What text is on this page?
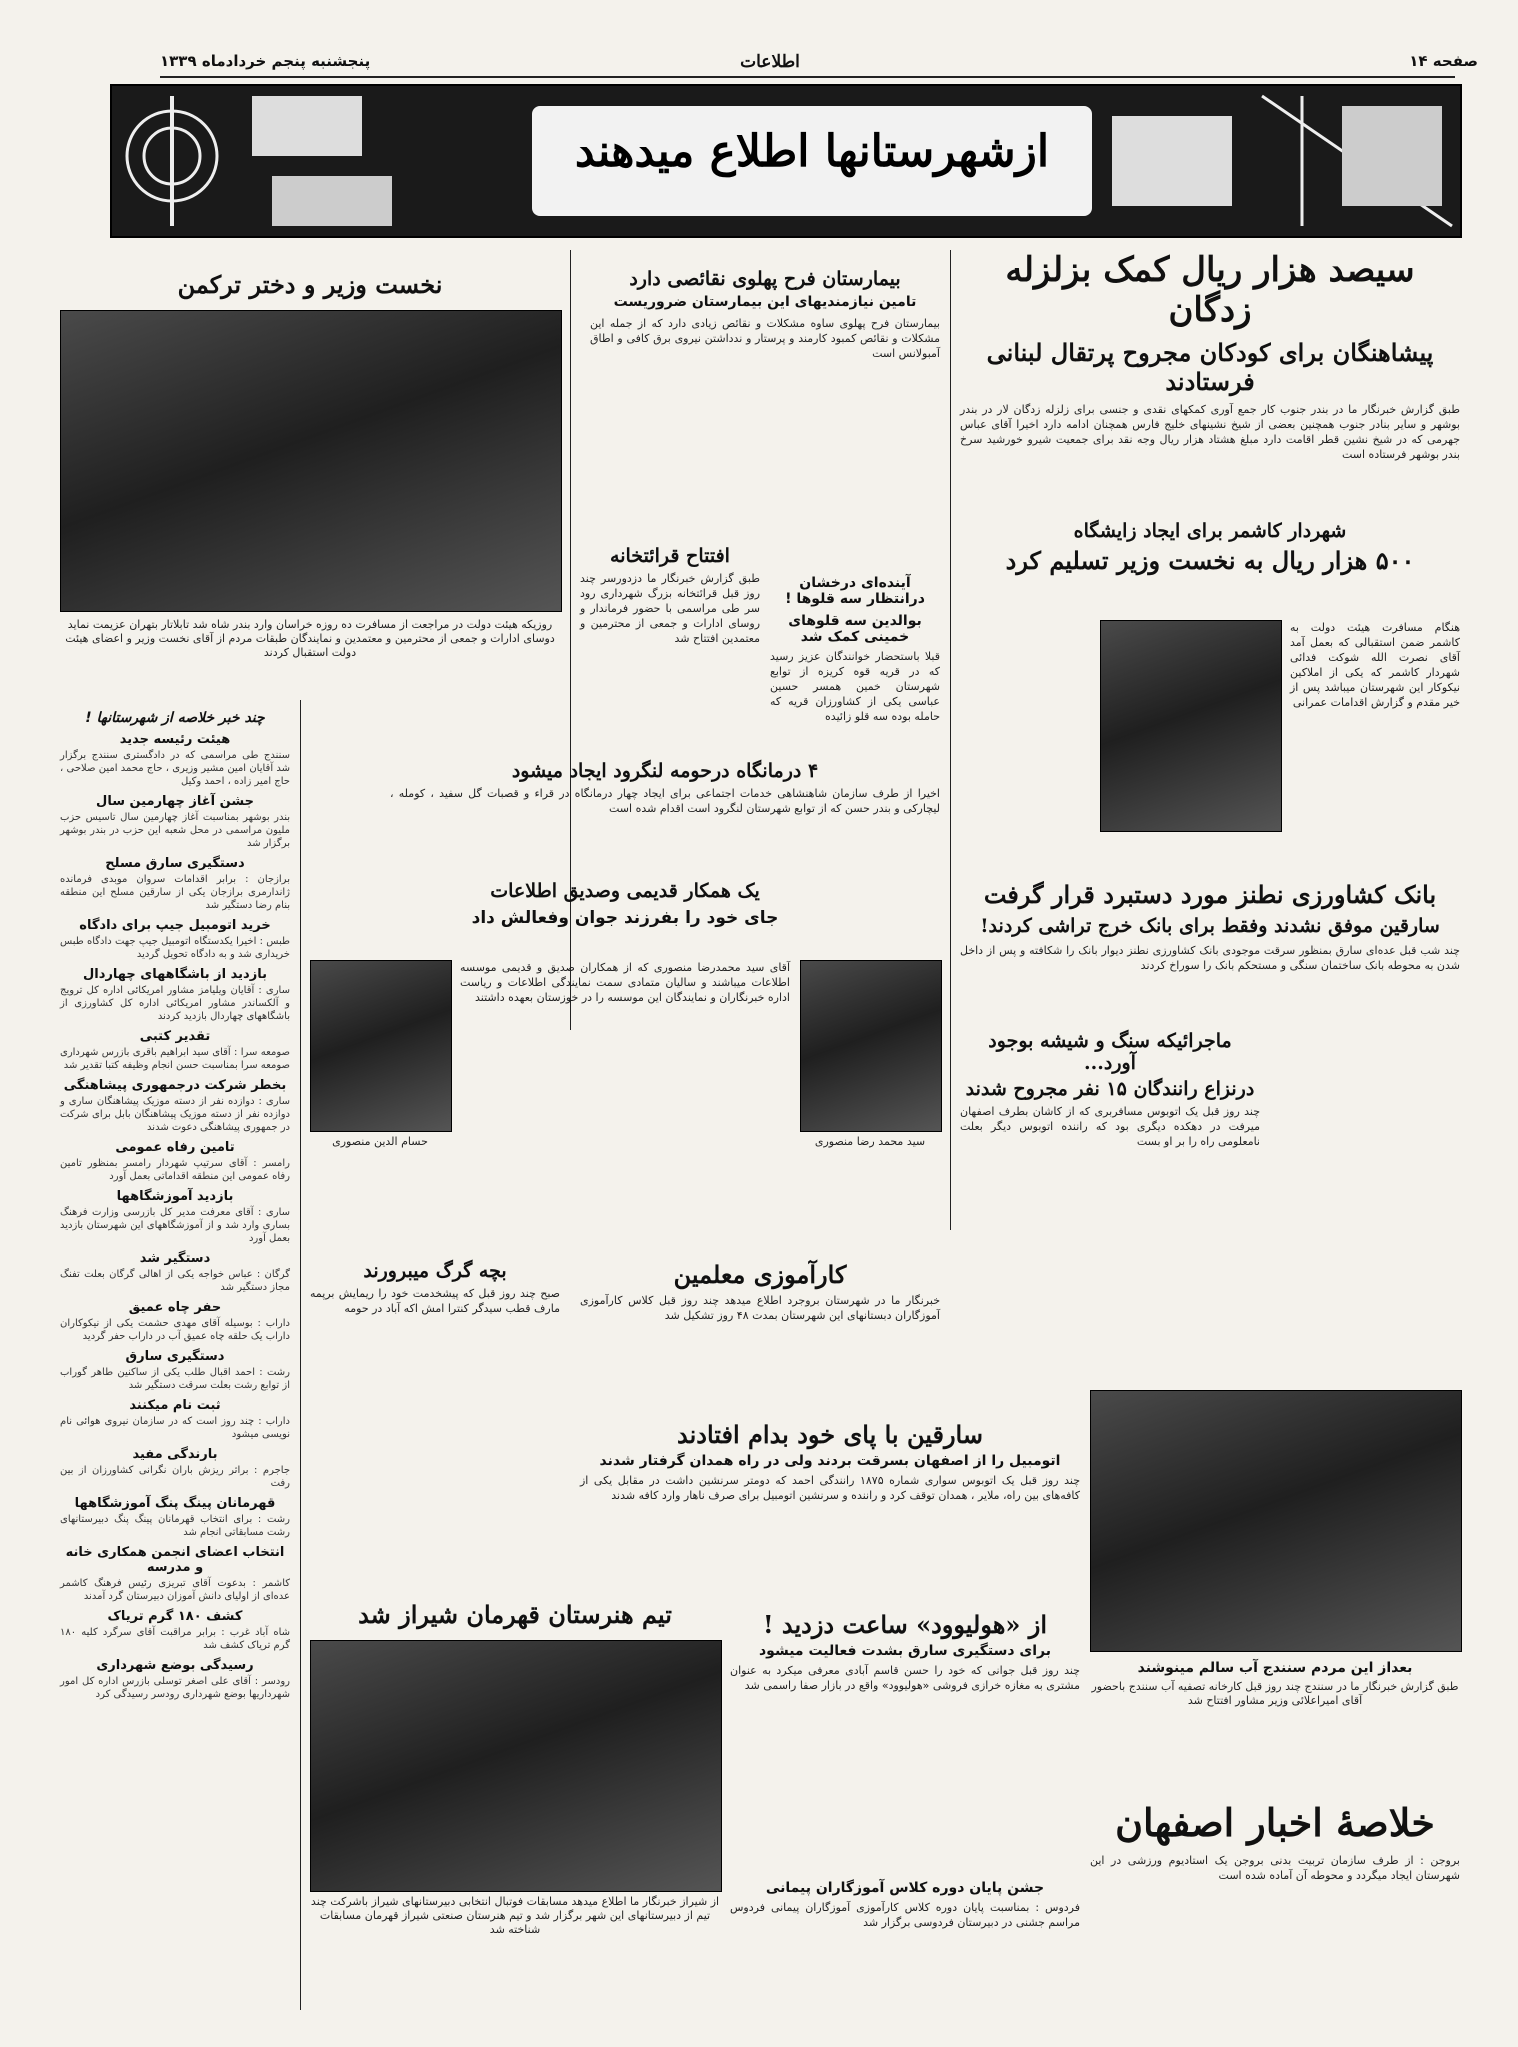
صفحه ۱۴
اطلاعات
پنجشنبه پنجم خردادماه ۱۳۳۹
ازشهرستانها اطلاع میدهند
سیصد هزار ریال کمک بزلزله زدگان
پیشاهنگان برای کودکان مجروح پرتقال لبنانی فرستادند
طبق گزارش خبرنگار ما در بندر جنوب کار جمع آوری کمکهای نقدی و جنسی برای زلزله زدگان لار در بندر بوشهر و سایر بنادر جنوب همچنین بعضی از شیخ نشینهای خلیج فارس همچنان ادامه دارد اخیرا آقای عباس جهرمی که در شیخ نشین قطر اقامت دارد مبلغ هشتاد هزار ریال وجه نقد برای جمعیت شیرو خورشید سرخ بندر بوشهر فرستاده است
شهردار کاشمر برای ایجاد زایشگاه
۵۰۰ هزار ریال به نخست وزیر تسلیم کرد
هنگام مسافرت هیئت دولت به کاشمر ضمن استقبالی که بعمل آمد آقای نصرت الله شوکت فدائی شهردار کاشمر که یکی از املاکین نیکوکار این شهرستان میباشد پس از خیر مقدم و گزارش اقدامات عمرانی
بیمارستان فرح پهلوی نقائصی دارد
تامین نیازمندیهای این بیمارستان ضروریست
بیمارستان فرح پهلوی ساوه مشکلات و نقائص زیادی دارد که از جمله این مشکلات و نقائص کمبود کارمند و پرستار و ندداشتن نیروی برق کافی و اطاق آمبولانس است
نخست وزیر و دختر ترکمن
روزیکه هیئت دولت در مراجعت از مسافرت ده روزه خراسان وارد بندر شاه شد تابلاتار بتهران عزیمت نماید دوسای ادارات و جمعی از محترمین و معتمدین و نمایندگان طبقات مردم از آقای نخست وزیر و اعضای هیئت دولت استقبال کردند
افتتاح قرائتخانه
طبق گزارش خبرنگار ما دزدورسر چند روز قبل قرائتخانه بزرگ شهرداری رود سر طی مراسمی با حضور فرماندار و روسای ادارات و جمعی از محترمین و معتمدین افتتاح شد
آینده‌ای درخشان درانتظار سه قلوها !
بوالدین سه قلوهای خمینی کمک شد
قبلا باستحضار خوانندگان عزیز رسید که در قریه قوه کریزه از توابع شهرستان خمین همسر حسین عباسی یکی از کشاورزان قریه که حامله بوده سه قلو زائیده
۴ درمانگاه درحومه لنگرود ایجاد میشود
اخیرا از طرف سازمان شاهنشاهی خدمات اجتماعی برای ایجاد چهار درمانگاه در قراء و قصبات گل سفید ، کومله ، لیچارکی و بندر حسن که از توابع شهرستان لنگرود است اقدام شده است
چند خبر خلاصه از شهرستانها !
هیئت رئیسه جدید
سنندج طی مراسمی که در دادگستری سنندج برگزار شد آقایان امین مشیر وزیری ، حاج محمد امین صلاحی ، حاج امیر زاده ، احمد وکیل
جشن آغاز چهارمین سال
بندر بوشهر بمناسبت آغاز چهارمین سال تاسیس حزب ملیون مراسمی در محل شعبه این حزب در بندر بوشهر برگزار شد
دستگیری سارق مسلح
برازجان : برابر اقدامات سروان موبدی فرمانده ژاندارمری برازجان یکی از سارقین مسلح این منطقه بنام رضا دستگیر شد
خرید اتومبیل جیپ برای دادگاه
طبس : اخیرا یکدستگاه اتومبیل جیپ جهت دادگاه طبس خریداری شد و به دادگاه تحویل گردید
بازدید از باشگاههای چهاردال
ساری : آقایان ویلیامز مشاور امریکائی اداره کل ترویج و آلکساندر مشاور امریکائی اداره کل کشاورزی از باشگاههای چهاردال بازدید کردند
تقدیر کتبی
صومعه سرا : آقای سید ابراهیم باقری بازرس شهرداری صومعه سرا بمناسبت حسن انجام وظیفه کتبا تقدیر شد
بخطر شرکت درجمهوری پیشاهنگی
ساری : دوازده نفر از دسته موزیک پیشاهنگان ساری و دوازده نفر از دسته موزیک پیشاهنگان بابل برای شرکت در جمهوری پیشاهنگی دعوت شدند
تامین رفاه عمومی
رامسر : آقای سرتیپ شهردار رامسر بمنظور تامین رفاه عمومی این منطقه اقداماتی بعمل آورد
بازدید آموزشگاهها
ساری : آقای معرفت مدیر کل بازرسی وزارت فرهنگ بساری وارد شد و از آموزشگاههای این شهرستان بازدید بعمل آورد
دستگیر شد
گرگان : عباس خواجه یکی از اهالی گرگان بعلت تفنگ مجاز دستگیر شد
حفر چاه عمیق
داراب : بوسیله آقای مهدی حشمت یکی از نیکوکاران داراب یک حلقه چاه عمیق آب در داراب حفر گردید
دستگیری سارق
رشت : احمد اقبال طلب یکی از ساکنین طاهر گوراب از توابع رشت بعلت سرقت دستگیر شد
ثبت نام میکنند
داراب : چند روز است که در سازمان نیروی هوائی نام نویسی میشود
بارندگی مفید
جاجرم : براثر ریزش باران نگرانی کشاورزان از بین رفت
قهرمانان پینگ پنگ آموزشگاهها
رشت : برای انتخاب قهرمانان پینگ پنگ دبیرستانهای رشت مسابقاتی انجام شد
انتخاب اعضای انجمن همکاری خانه و مدرسه
کاشمر : بدعوت آقای تبریزی رئیس فرهنگ کاشمر عده‌ای از اولیای دانش آموزان دبیرستان گرد آمدند
کشف ۱۸۰ گرم تریاک
شاه آباد غرب : برابر مراقبت آقای سرگرد کلیه ۱۸۰ گرم تریاک کشف شد
رسیدگی بوضع شهرداری
رودسر : آقای علی اصغر توسلی بازرس اداره کل امور شهرداریها بوضع شهرداری رودسر رسیدگی کرد
یک همکار قدیمی وصدیق اطلاعات
جای خود را بفرزند جوان وفعالش داد
سید محمد رضا منصوری
حسام الدین منصوری
آقای سید محمدرضا منصوری که از همکاران صدیق و قدیمی موسسه اطلاعات میباشند و سالیان متمادی سمت نمایندگی اطلاعات و ریاست اداره خبرنگاران و نمایندگان این موسسه را در خوزستان بعهده داشتند
بانک کشاورزی نطنز مورد دستبرد قرار گرفت
سارقین موفق نشدند وفقط برای بانک خرج تراشی کردند!
چند شب قبل عده‌ای سارق بمنظور سرقت موجودی بانک کشاورزی نطنز دیوار بانک را شکافته و پس از داخل شدن به محوطه بانک ساختمان سنگی و مستحکم بانک را سوراخ کردند
ماجرائیکه سنگ و شیشه بوجود آورد...
درنزاع رانندگان ۱۵ نفر مجروح شدند
چند روز قبل یک اتوبوس مسافربری که از کاشان بطرف اصفهان میرفت در دهکده دیگری بود که راننده اتوبوس دیگر بعلت نامعلومی راه را بر او بست
بچه گرگ میبرورند
صبح چند روز قبل که پیشخدمت خود را ریمایش برپمه مارف قطب سیدگر کنترا امش اکه آباد در حومه
کارآموزی معلمین
خبرنگار ما در شهرستان بروجرد اطلاع میدهد چند روز قبل کلاس کارآموزی آموزگاران دبستانهای این شهرستان بمدت ۴۸ روز تشکیل شد
بعداز این مردم سنندج آب سالم مینوشند
طبق گزارش خبرنگار ما در سنندج چند روز قبل کارخانه تصفیه آب سنندج باحضور آقای امیراعلائی وزیر مشاور افتتاح شد
سارقین با پای خود بدام افتادند
اتومبیل را از اصفهان بسرقت بردند ولی در راه همدان گرفتار شدند
چند روز قبل یک اتوبوس سواری شماره ۱۸۷۵ رانندگی احمد که دومتر سرنشین داشت در مقابل یکی از کافه‌های بین راه، ملایر ، همدان توقف کرد و راننده و سرنشین اتومبیل برای صرف ناهار وارد کافه شدند
تیم هنرستان قهرمان شیراز شد
از شیراز خبرنگار ما اطلاع میدهد مسابقات فوتبال انتخابی دبیرستانهای شیراز باشرکت چند تیم از دبیرستانهای این شهر برگزار شد و تیم هنرستان صنعتی شیراز قهرمان مسابقات شناخته شد
از «هولیوود» ساعت دزدید !
برای دستگیری سارق بشدت فعالیت میشود
چند روز قبل جوانی که خود را حسن قاسم آبادی معرفی میکرد به عنوان مشتری به مغازه خرازی فروشی «هولیوود» واقع در بازار صفا راسمی شد
جشن پایان دوره کلاس آموزگاران پیمانی
فردوس : بمناسبت پایان دوره کلاس کارآموزی آموزگاران پیمانی فردوس مراسم جشنی در دبیرستان فردوسی برگزار شد
خلاصهٔ اخبار اصفهان
بروجن : از طرف سازمان تربیت بدنی بروجن یک استادیوم ورزشی در این شهرستان ایجاد میگردد و محوطه آن آماده شده است
